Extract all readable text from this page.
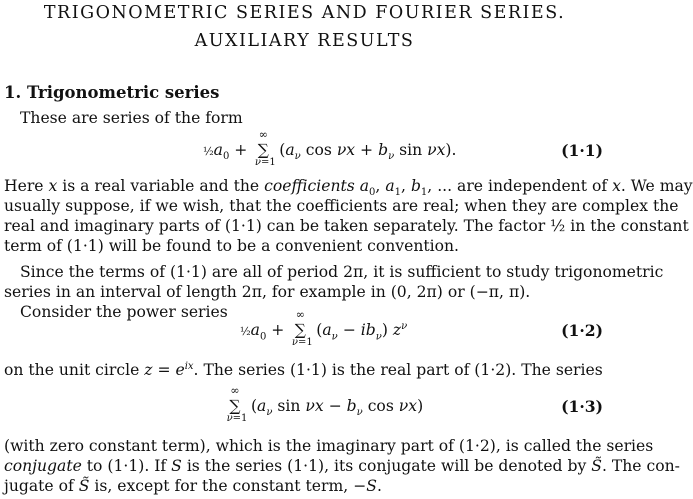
TRIGONOMETRIC SERIES AND FOURIER SERIES.
AUXILIARY RESULTS
1. Trigonometric series
These are series of the form
$\frac{1}{2}a_0$ + ∑
∞
ν=1
($a_\nu$ $\cos \nu x + b_\nu$ sin νx).	(1·1)
Here x is a real variable and the coefficients $a_0$, $a_1$, $b_1$, ... are independent of x. We may
usually suppose, if we wish, that the coefficients are real; when they are complex the
real and imaginary parts of (1·1) can be taken separately. The factor ½ in the constant
term of (1·1) will be found to be a convenient convention.
Since the terms of (1·1) are all of period 2π, it is sufficient to study trigonometric
series in an interval of length 2π, for example in (0, 2π) or (−π, π).
Consider the power series
$\frac{1}{2}a_0$ + ∑
∞
ν=1
$(a_\nu - ib_\nu)$ $z^\nu$	(1·2)
on the unit circle $z = e^{ix}$. The series (1·1) is the real part of (1·2). The series
∑
∞
ν=1
($a_\nu$ $\sin \nu x - b_\nu$ cos νx)	(1·3)
(with zero constant term), which is the imaginary part of (1·2), is called the series
conjugate to (1·1). If S is the series (1·1), its conjugate will be denoted by S̃. The con-
jugate of S̃ is, except for the constant term, −S.
